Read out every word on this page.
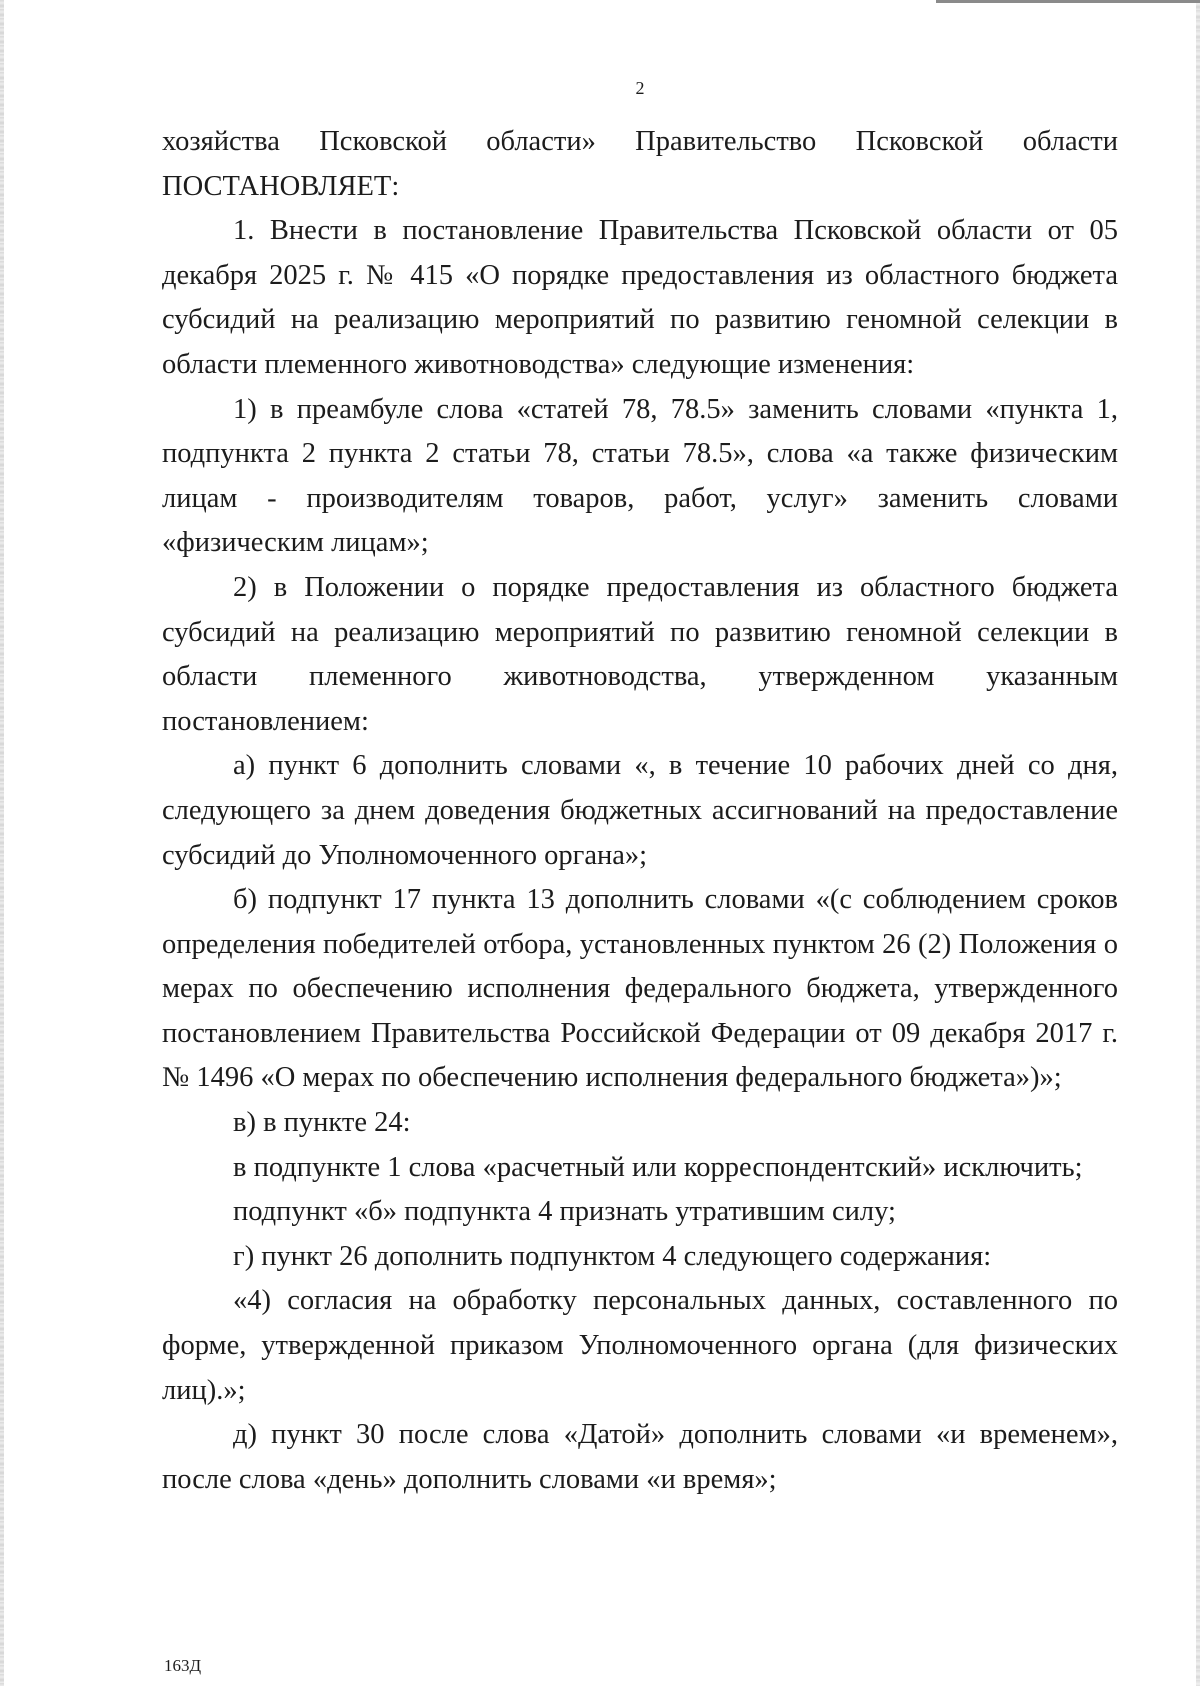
2

хозяйства Псковской области» Правительство Псковской области ПОСТАНОВЛЯЕТ:

1. Внести в постановление Правительства Псковской области от 05 декабря 2025 г. № 415 «О порядке предоставления из областного бюджета субсидий на реализацию мероприятий по развитию геномной селекции в области племенного животноводства» следующие изменения:

1) в преамбуле слова «статей 78, 78.5» заменить словами «пункта 1, подпункта 2 пункта 2 статьи 78, статьи 78.5», слова «а также физическим лицам - производителям товаров, работ, услуг» заменить словами «физическим лицам»;

2) в Положении о порядке предоставления из областного бюджета субсидий на реализацию мероприятий по развитию геномной селекции в области племенного животноводства, утвержденном указанным постановлением:

а) пункт 6 дополнить словами «, в течение 10 рабочих дней со дня, следующего за днем доведения бюджетных ассигнований на предоставление субсидий до Уполномоченного органа»;

б) подпункт 17 пункта 13 дополнить словами «(с соблюдением сроков определения победителей отбора, установленных пунктом 26 (2) Положения о мерах по обеспечению исполнения федерального бюджета, утвержденного постановлением Правительства Российской Федерации от 09 декабря 2017 г. № 1496 «О мерах по обеспечению исполнения федерального бюджета»)»;

в) в пункте 24:

в подпункте 1 слова «расчетный или корреспондентский» исключить;

подпункт «б» подпункта 4 признать утратившим силу;

г) пункт 26 дополнить подпунктом 4 следующего содержания:

«4) согласия на обработку персональных данных, составленного по форме, утвержденной приказом Уполномоченного органа (для физических лиц).»;

д) пункт 30 после слова «Датой» дополнить словами «и временем», после слова «день» дополнить словами «и время»;

163Д
